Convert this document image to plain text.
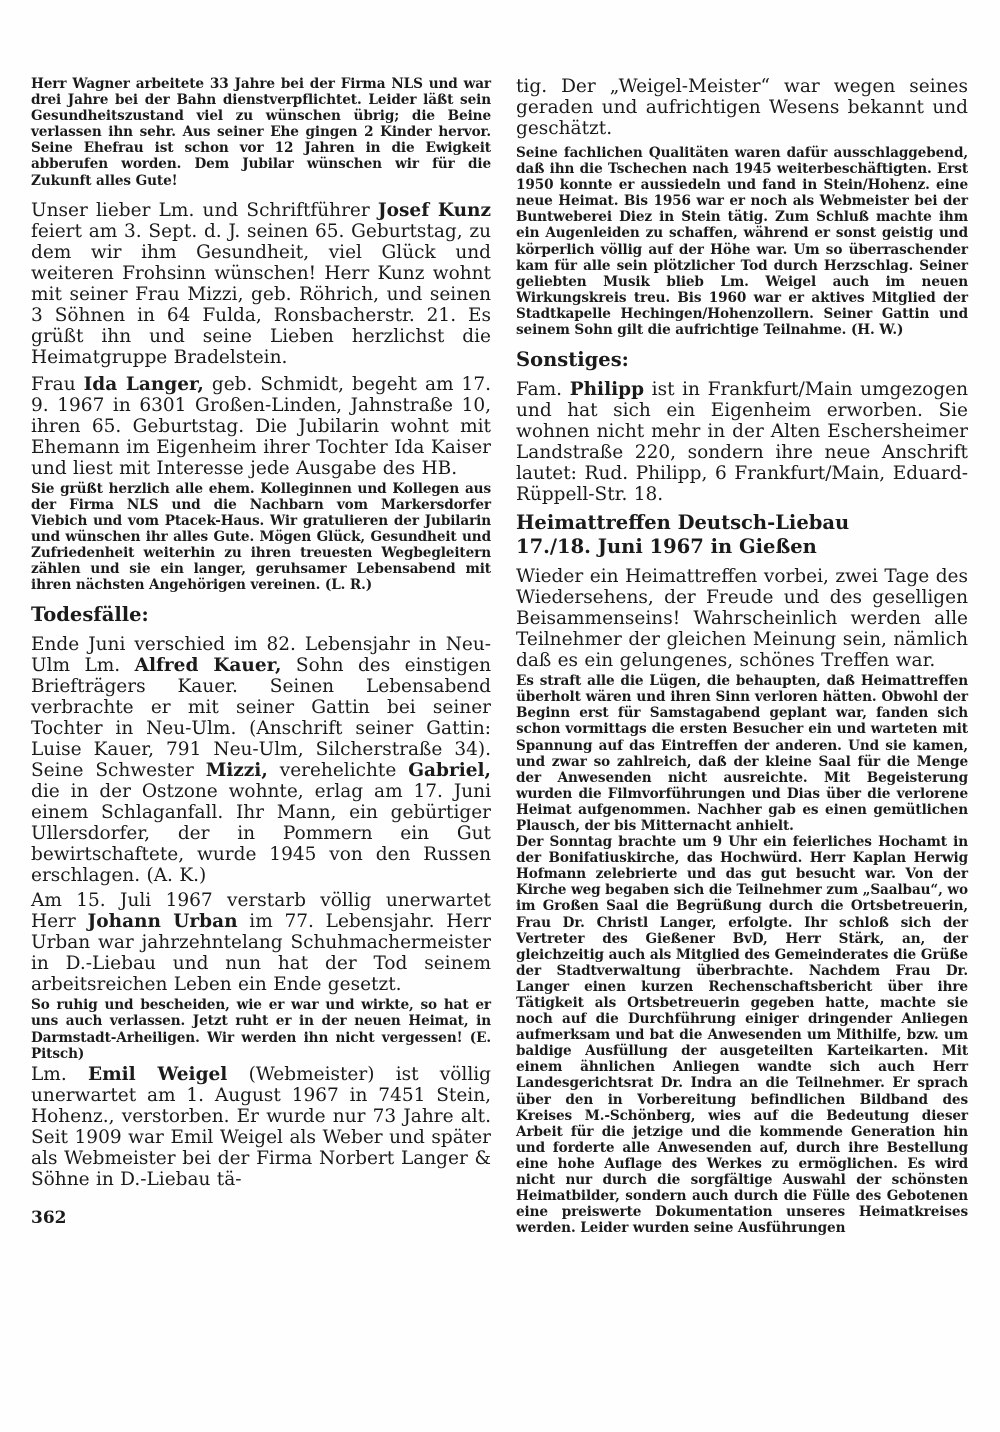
Herr Wagner arbeitete 33 Jahre bei der Firma NLS und war drei Jahre bei der Bahn dienstverpflichtet. Leider läßt sein Gesundheitszustand viel zu wünschen übrig; die Beine verlassen ihn sehr. Aus seiner Ehe gingen 2 Kinder hervor. Seine Ehefrau ist schon vor 12 Jahren in die Ewigkeit abberufen worden. Dem Jubilar wünschen wir für die Zukunft alles Gute!

Unser lieber Lm. und Schriftführer Josef Kunz feiert am 3. Sept. d. J. seinen 65. Geburtstag, zu dem wir ihm Gesundheit, viel Glück und weiteren Frohsinn wünschen! Herr Kunz wohnt mit seiner Frau Mizzi, geb. Röhrich, und seinen 3 Söhnen in 64 Fulda, Ronsbacherstr. 21. Es grüßt ihn und seine Lieben herzlichst die Heimatgruppe Bradelstein.

Frau Ida Langer, geb. Schmidt, begeht am 17. 9. 1967 in 6301 Großen-Linden, Jahnstraße 10, ihren 65. Geburtstag. Die Jubilarin wohnt mit Ehemann im Eigenheim ihrer Tochter Ida Kaiser und liest mit Interesse jede Ausgabe des HB.

Sie grüßt herzlich alle ehem. Kolleginnen und Kollegen aus der Firma NLS und die Nachbarn vom Markersdorfer Viebich und vom Ptacek-Haus. Wir gratulieren der Jubilarin und wünschen ihr alles Gute. Mögen Glück, Gesundheit und Zufriedenheit weiterhin zu ihren treuesten Wegbegleitern zählen und sie ein langer, geruhsamer Lebensabend mit ihren nächsten Angehörigen vereinen. (L. R.)

Todesfälle:

Ende Juni verschied im 82. Lebensjahr in Neu-Ulm Lm. Alfred Kauer, Sohn des einstigen Briefträgers Kauer. Seinen Lebensabend verbrachte er mit seiner Gattin bei seiner Tochter in Neu-Ulm. (Anschrift seiner Gattin: Luise Kauer, 791 Neu-Ulm, Silcherstraße 34). Seine Schwester Mizzi, verehelichte Gabriel, die in der Ostzone wohnte, erlag am 17. Juni einem Schlaganfall. Ihr Mann, ein gebürtiger Ullersdorfer, der in Pommern ein Gut bewirtschaftete, wurde 1945 von den Russen erschlagen. (A. K.)

Am 15. Juli 1967 verstarb völlig unerwartet Herr Johann Urban im 77. Lebensjahr. Herr Urban war jahrzehntelang Schuhmachermeister in D.-Liebau und nun hat der Tod seinem arbeitsreichen Leben ein Ende gesetzt.

So ruhig und bescheiden, wie er war und wirkte, so hat er uns auch verlassen. Jetzt ruht er in der neuen Heimat, in Darmstadt-Arheiligen. Wir werden ihn nicht vergessen! (E. Pitsch)

Lm. Emil Weigel (Webmeister) ist völlig unerwartet am 1. August 1967 in 7451 Stein, Hohenz., verstorben. Er wurde nur 73 Jahre alt. Seit 1909 war Emil Weigel als Weber und später als Webmeister bei der Firma Norbert Langer & Söhne in D.-Liebau tä-

362

tig. Der „Weigel-Meister“ war wegen seines geraden und aufrichtigen Wesens bekannt und geschätzt.

Seine fachlichen Qualitäten waren dafür ausschlaggebend, daß ihn die Tschechen nach 1945 weiterbeschäftigten. Erst 1950 konnte er aussiedeln und fand in Stein/Hohenz. eine neue Heimat. Bis 1956 war er noch als Webmeister bei der Buntweberei Diez in Stein tätig. Zum Schluß machte ihm ein Augenleiden zu schaffen, während er sonst geistig und körperlich völlig auf der Höhe war. Um so überraschender kam für alle sein plötzlicher Tod durch Herzschlag. Seiner geliebten Musik blieb Lm. Weigel auch im neuen Wirkungskreis treu. Bis 1960 war er aktives Mitglied der Stadtkapelle Hechingen/Hohenzollern. Seiner Gattin und seinem Sohn gilt die aufrichtige Teilnahme. (H. W.)

Sonstiges:

Fam. Philipp ist in Frankfurt/Main umgezogen und hat sich ein Eigenheim erworben. Sie wohnen nicht mehr in der Alten Eschersheimer Landstraße 220, sondern ihre neue Anschrift lautet: Rud. Philipp, 6 Frankfurt/Main, Eduard-Rüppell-Str. 18.

Heimattreffen Deutsch-Liebau
17./18. Juni 1967 in Gießen

Wieder ein Heimattreffen vorbei, zwei Tage des Wiedersehens, der Freude und des geselligen Beisammenseins! Wahrscheinlich werden alle Teilnehmer der gleichen Meinung sein, nämlich daß es ein gelungenes, schönes Treffen war.

Es straft alle die Lügen, die behaupten, daß Heimattreffen überholt wären und ihren Sinn verloren hätten. Obwohl der Beginn erst für Samstagabend geplant war, fanden sich schon vormittags die ersten Besucher ein und warteten mit Spannung auf das Eintreffen der anderen. Und sie kamen, und zwar so zahlreich, daß der kleine Saal für die Menge der Anwesenden nicht ausreichte. Mit Begeisterung wurden die Filmvorführungen und Dias über die verlorene Heimat aufgenommen. Nachher gab es einen gemütlichen Plausch, der bis Mitternacht anhielt.

Der Sonntag brachte um 9 Uhr ein feierliches Hochamt in der Bonifatiuskirche, das Hochwürd. Herr Kaplan Herwig Hofmann zelebrierte und das gut besucht war. Von der Kirche weg begaben sich die Teilnehmer zum „Saalbau“, wo im Großen Saal die Begrüßung durch die Ortsbetreuerin, Frau Dr. Christl Langer, erfolgte. Ihr schloß sich der Vertreter des Gießener BvD, Herr Stärk, an, der gleichzeitig auch als Mitglied des Gemeinderates die Grüße der Stadtverwaltung überbrachte. Nachdem Frau Dr. Langer einen kurzen Rechenschaftsbericht über ihre Tätigkeit als Ortsbetreuerin gegeben hatte, machte sie noch auf die Durchführung einiger dringender Anliegen aufmerksam und bat die Anwesenden um Mithilfe, bzw. um baldige Ausfüllung der ausgeteilten Karteikarten. Mit einem ähnlichen Anliegen wandte sich auch Herr Landesgerichtsrat Dr. Indra an die Teilnehmer. Er sprach über den in Vorbereitung befindlichen Bildband des Kreises M.-Schönberg, wies auf die Bedeutung dieser Arbeit für die jetzige und die kommende Generation hin und forderte alle Anwesenden auf, durch ihre Bestellung eine hohe Auflage des Werkes zu ermöglichen. Es wird nicht nur durch die sorgfältige Auswahl der schönsten Heimatbilder, sondern auch durch die Fülle des Gebotenen eine preiswerte Dokumentation unseres Heimatkreises werden. Leider wurden seine Ausführungen
